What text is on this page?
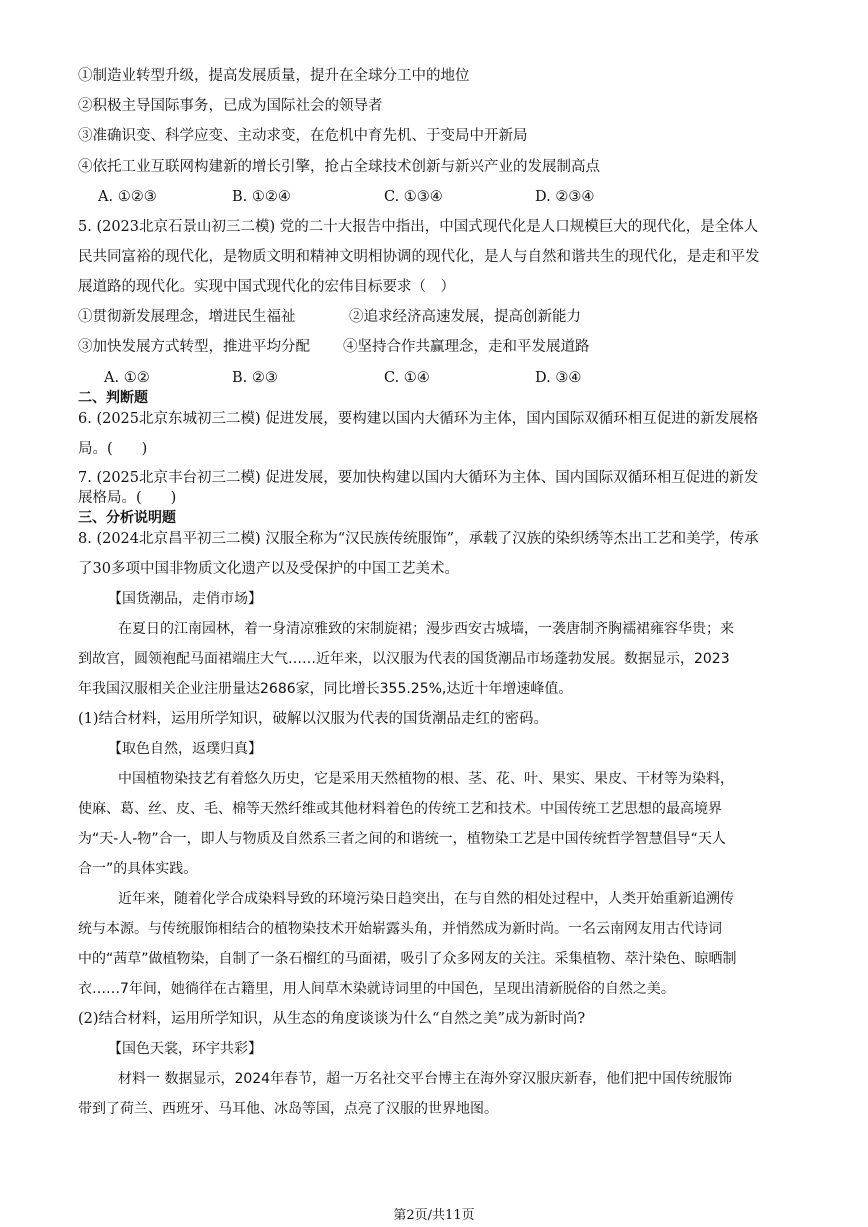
①制造业转型升级，提高发展质量，提升在全球分工中的地位
②积极主导国际事务，已成为国际社会的领导者
③准确识变、科学应变、主动求变，在危机中育先机、于变局中开新局
④依托工业互联网构建新的增长引擎，抢占全球技术创新与新兴产业的发展制高点
A. ①②③	B. ①②④	C. ①③④	D. ②③④
5. (2023北京石景山初三二模) 党的二十大报告中指出，中国式现代化是人口规模巨大的现代化，是全体人
民共同富裕的现代化，是物质文明和精神文明相协调的现代化，是人与自然和谐共生的现代化，是走和平发
展道路的现代化。实现中国式现代化的宏伟目标要求（　）
①贯彻新发展理念，增进民生福祉	②追求经济高速发展，提高创新能力
③加快发展方式转型，推进平均分配 ④坚持合作共赢理念，走和平发展道路
A. ①②	B. ②③	C. ①④	D. ③④
二、判断题
6. (2025北京东城初三二模) 促进发展，要构建以国内大循环为主体，国内国际双循环相互促进的新发展格
局。(　　)
7. (2025北京丰台初三二模) 促进发展，要加快构建以国内大循环为主体、国内国际双循环相互促进的新发
展格局。(　　)
三、分析说明题
8. (2024北京昌平初三二模) 汉服全称为“汉民族传统服饰”，承载了汉族的染织绣等杰出工艺和美学，传承
了30多项中国非物质文化遗产以及受保护的中国工艺美术。
【国货潮品，走俏市场】
在夏日的江南园林，着一身清凉雅致的宋制旋裙；漫步西安古城墙，一袭唐制齐胸襦裙雍容华贵；来
到故宫，圆领袍配马面裙端庄大气……近年来，以汉服为代表的国货潮品市场蓬勃发展。数据显示，2023
年我国汉服相关企业注册量达2686家，同比增长355.25%,达近十年增速峰值。
(1)结合材料，运用所学知识，破解以汉服为代表的国货潮品走红的密码。
【取色自然，返璞归真】
中国植物染技艺有着悠久历史，它是采用天然植物的根、茎、花、叶、果实、果皮、干材等为染料，
使麻、葛、丝、皮、毛、棉等天然纤维或其他材料着色的传统工艺和技术。中国传统工艺思想的最高境界
为“天-人-物”合一，即人与物质及自然系三者之间的和谐统一，植物染工艺是中国传统哲学智慧倡导“天人
合一”的具体实践。
近年来，随着化学合成染料导致的环境污染日趋突出，在与自然的相处过程中，人类开始重新追溯传
统与本源。与传统服饰相结合的植物染技术开始崭露头角，并悄然成为新时尚。一名云南网友用古代诗词
中的“茜草”做植物染，自制了一条石榴红的马面裙，吸引了众多网友的关注。采集植物、萃汁染色、晾晒制
衣……7年间，她徜徉在古籍里，用人间草木染就诗词里的中国色，呈现出清新脱俗的自然之美。
(2)结合材料，运用所学知识，从生态的角度谈谈为什么“自然之美”成为新时尚?
【国色天裳，环宇共彩】
材料一 数据显示，2024年春节，超一万名社交平台博主在海外穿汉服庆新春，他们把中国传统服饰
带到了荷兰、西班牙、马耳他、冰岛等国，点亮了汉服的世界地图。
第2页/共11页
